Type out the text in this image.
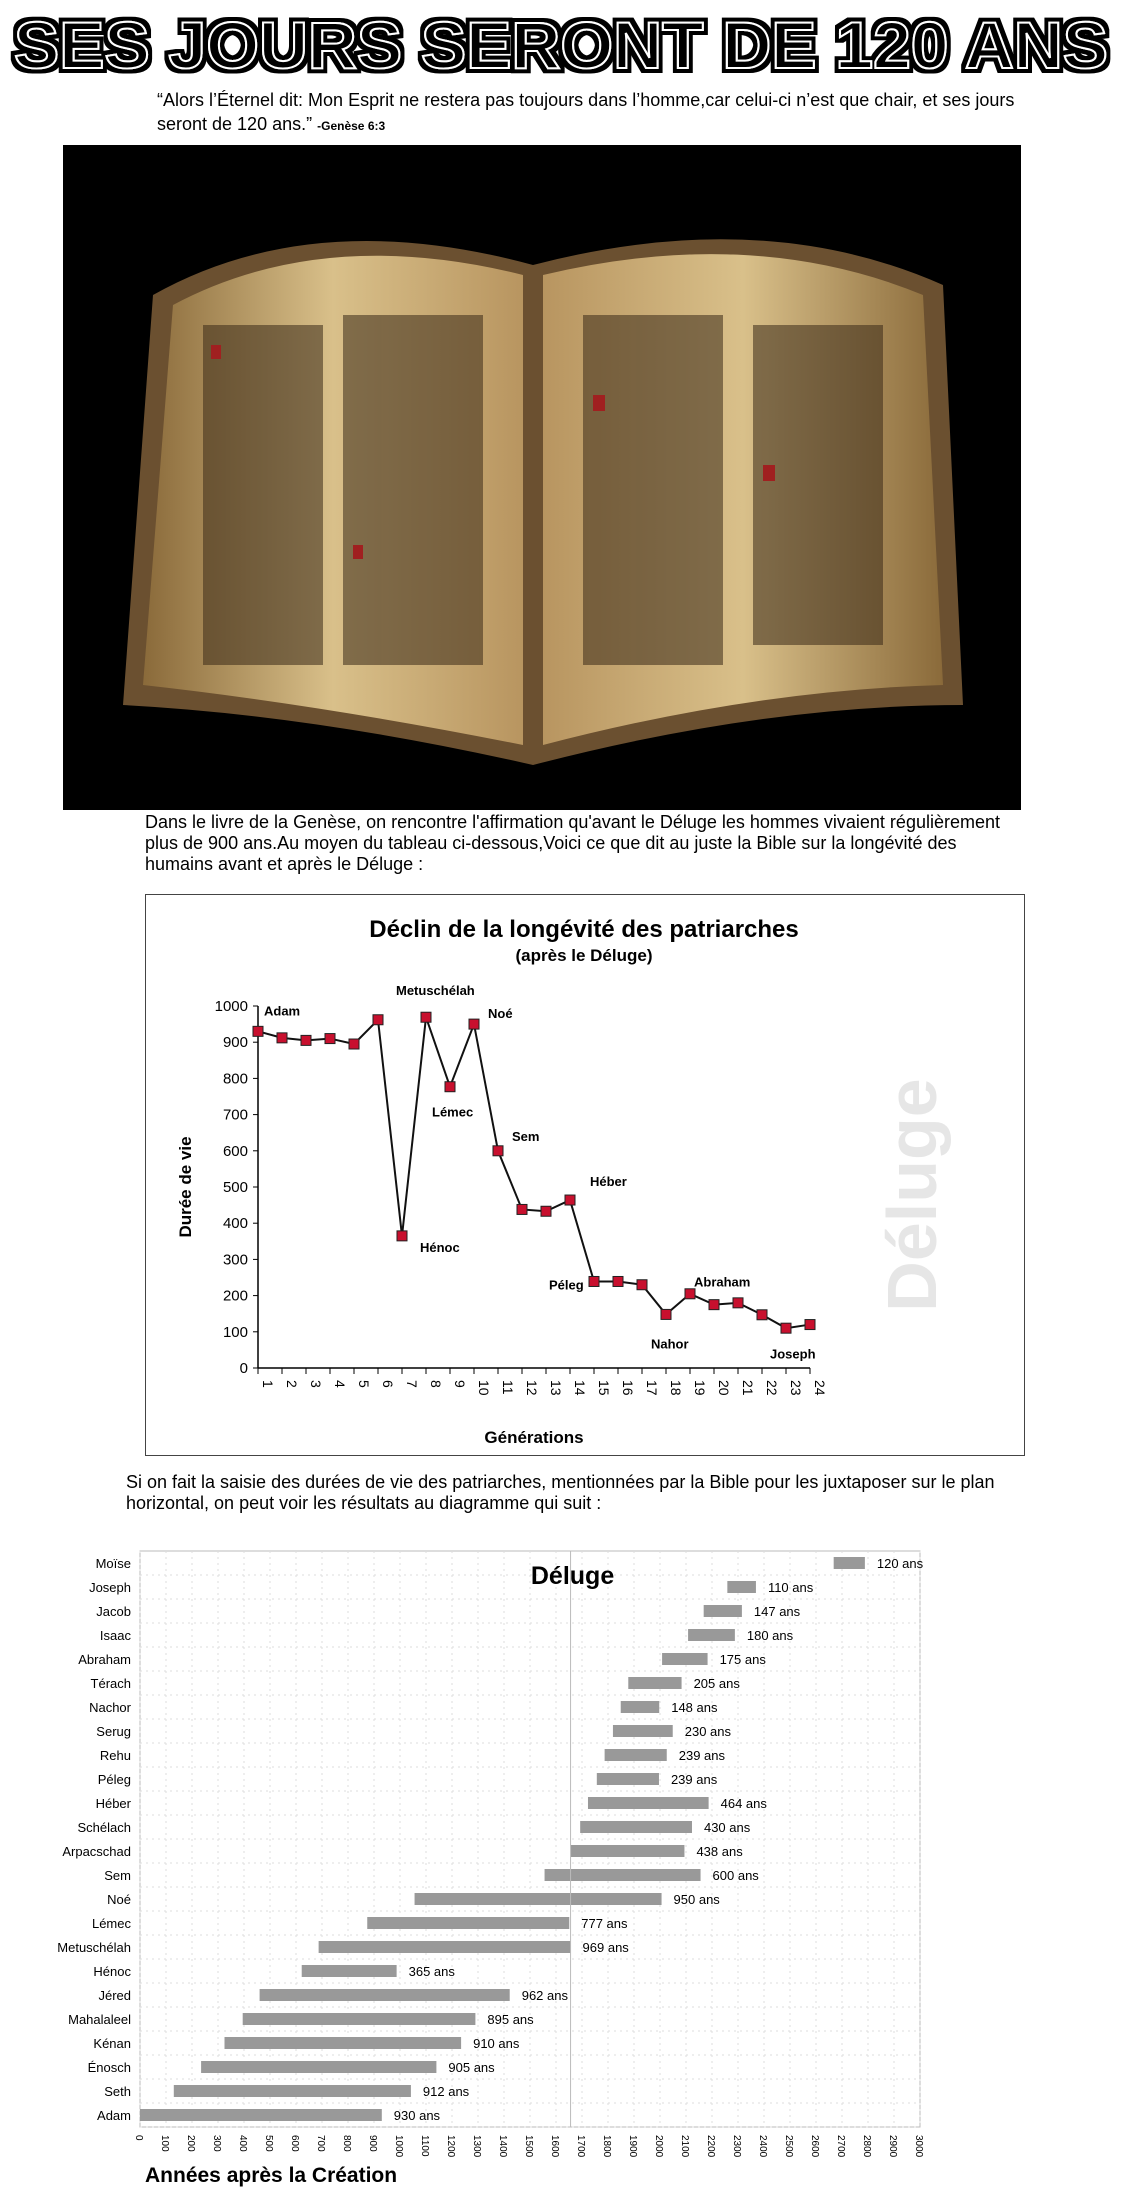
SES JOURS SERONT DE 120 ANS
“Alors l’Éternel dit: Mon Esprit ne restera pas toujours dans l’homme,car celui-ci n’est que chair, et ses jours seront de 120 ans.” -Genèse 6:3
Dans le livre de la Genèse, on rencontre l'affirmation qu'avant le Déluge les hommes vivaient régulièrement plus de 900 ans.Au moyen du tableau ci-dessous,Voici ce que dit au juste la Bible sur la longévité des humains avant et après le Déluge :
Déluge
Déclin de la longévité des patriarches
(après le Déluge)
0
100
200
300
400
500
600
700
800
900
1000
1 2 3 4 5 6 7 8 9 10 11 12 13 14 15 16 17 18 19 20 21 22 23 24
Générations
Durée de vie
Adam
Hénoc
Metuschélah
Lémec
Noé
Sem
Héber
Péleg
Nahor
Abraham
Joseph
Si on fait la saisie des durées de vie des patriarches, mentionnées par la Bible pour les juxtaposer sur le plan horizontal, on peut voir les résultats au diagramme qui suit :
0 100 200 300 400 500 600 700 800 900 1000 1100 1200 1300 1400 1500 1600 1700 1800 1900 2000 2100 2200 2300 2400 2500 2600 2700 2800 2900 3000
Moïse	120 ans
Joseph	110 ans
Jacob	147 ans
Isaac	180 ans
Abraham	175 ans
Térach	205 ans
Nachor	148 ans
Serug	230 ans
Rehu	239 ans
Péleg	239 ans
Héber	464 ans
Schélach	430 ans
Arpacschad	438 ans
Sem	600 ans
Noé	950 ans
Lémec	777 ans
Metuschélah	969 ans
Hénoc	365 ans
Jéred	962 ans
Mahalaleel	895 ans
Kénan	910 ans
Énosch	905 ans
Seth	912 ans
Adam	930 ans
Déluge
Années après la Création
